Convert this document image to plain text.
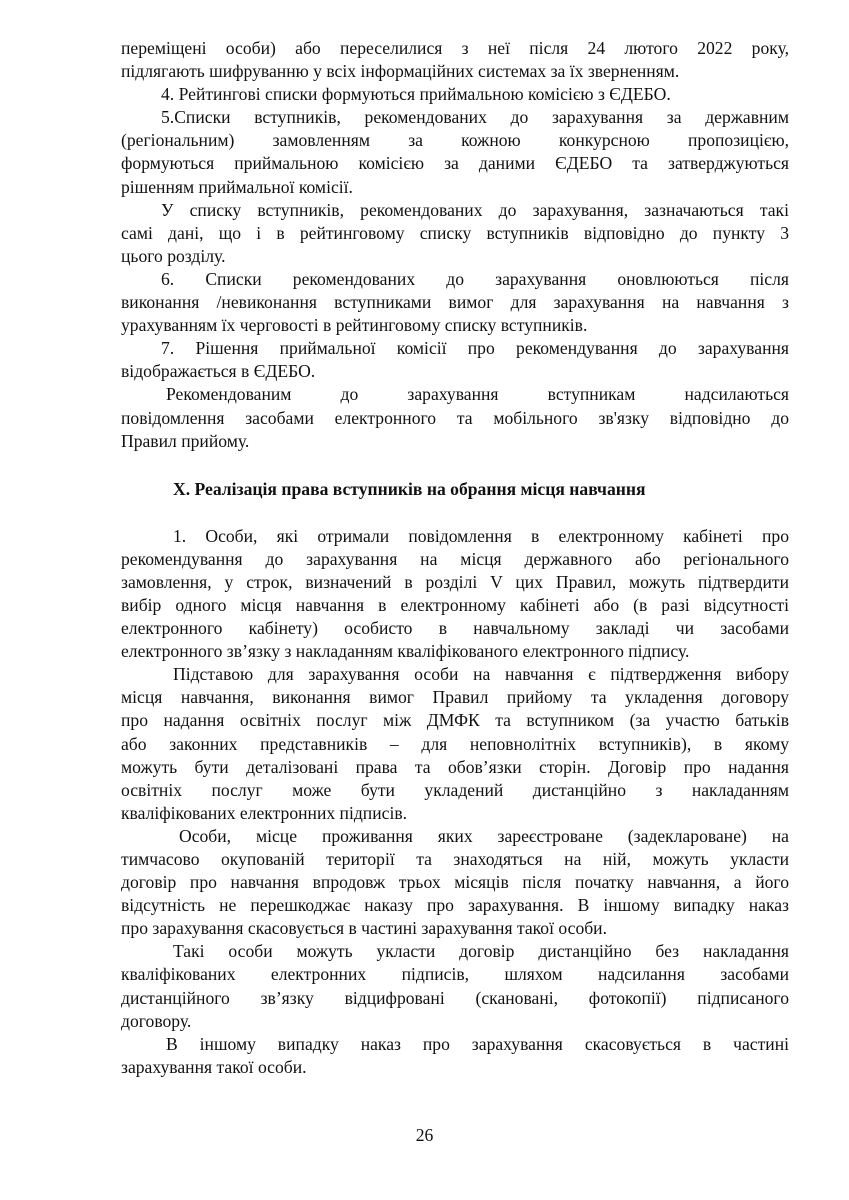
переміщені особи) або переселилися з неї після 24 лютого 2022 року,
підлягають шифруванню у всіх інформаційних системах за їх зверненням.
4. Рейтингові списки формуються приймальною комісією з ЄДЕБО.
5.Списки вступників, рекомендованих до зарахування за державним
(регіональним) замовленням за кожною конкурсною пропозицією,
формуються приймальною комісією за даними ЄДЕБО та затверджуються
рішенням приймальної комісії.
У списку вступників, рекомендованих до зарахування, зазначаються такі
самі дані, що і в рейтинговому списку вступників відповідно до пункту 3
цього розділу.
6. Списки рекомендованих до зарахування оновлюються після
виконання /невиконання вступниками вимог для зарахування на навчання з
урахуванням їх черговості в рейтинговому списку вступників.
7. Рішення приймальної комісії про рекомендування до зарахування
відображається в ЄДЕБО.
Рекомендованим до зарахування вступникам надсилаються
повідомлення засобами електронного та мобільного зв'язку відповідно до
Правил прийому.
X. Реалізація права вступників на обрання місця навчання
1. Особи, які отримали повідомлення в електронному кабінеті про
рекомендування до зарахування на місця державного або регіонального
замовлення, у строк, визначений в розділі V цих Правил, можуть підтвердити
вибір одного місця навчання в електронному кабінеті або (в разі відсутності
електронного кабінету) особисто в навчальному закладі чи засобами
електронного зв’язку з накладанням кваліфікованого електронного підпису.
Підставою для зарахування особи на навчання є підтвердження вибору
місця навчання, виконання вимог Правил прийому та укладення договору
про надання освітніх послуг між ДМФК та вступником (за участю батьків
або законних представників – для неповнолітніх вступників), в якому
можуть бути деталізовані права та обов’язки сторін. Договір про надання
освітніх послуг може бути укладений дистанційно з накладанням
кваліфікованих електронних підписів.
Особи, місце проживання яких зареєстроване (задеклароване) на
тимчасово окупованій території та знаходяться на ній, можуть укласти
договір про навчання впродовж трьох місяців після початку навчання, а його
відсутність не перешкоджає наказу про зарахування. В іншому випадку наказ
про зарахування скасовується в частині зарахування такої особи.
Такі особи можуть укласти договір дистанційно без накладання
кваліфікованих електронних підписів, шляхом надсилання засобами
дистанційного зв’язку відцифровані (скановані, фотокопії) підписаного
договору.
В іншому випадку наказ про зарахування скасовується в частині
зарахування такої особи.
26
